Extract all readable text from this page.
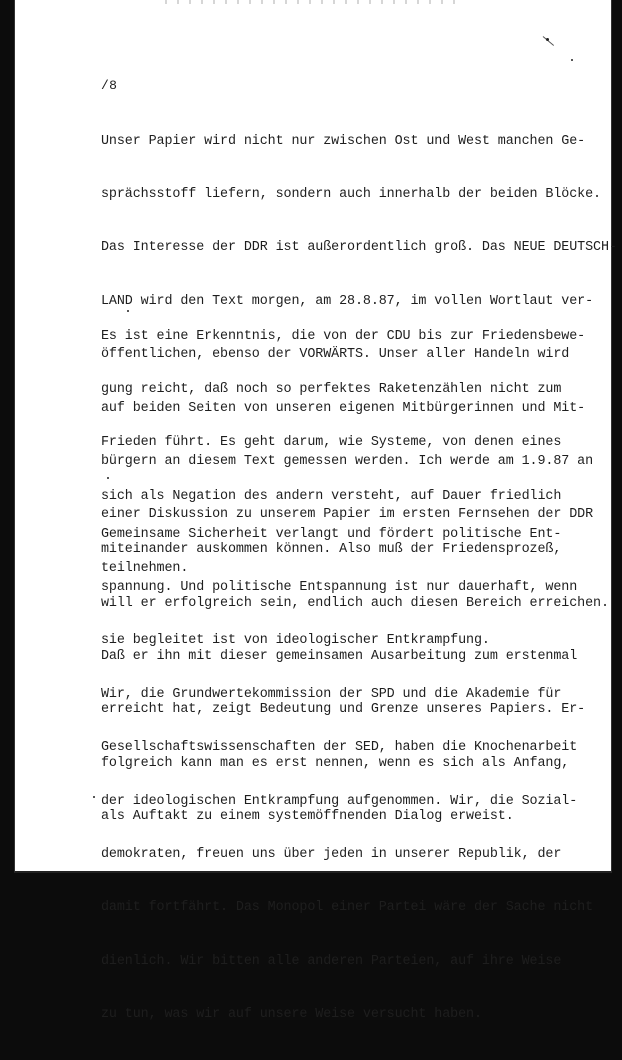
/8

Unser Papier wird nicht nur zwischen Ost und West manchen Ge-

sprächsstoff liefern, sondern auch innerhalb der beiden Blöcke.

Das Interesse der DDR ist außerordentlich groß. Das NEUE DEUTSCH-

LAND wird den Text morgen, am 28.8.87, im vollen Wortlaut ver-

öffentlichen, ebenso der VORWÄRTS. Unser aller Handeln wird

auf beiden Seiten von unseren eigenen Mitbürgerinnen und Mit-

bürgern an diesem Text gemessen werden. Ich werde am 1.9.87 an

einer Diskussion zu unserem Papier im ersten Fernsehen der DDR

teilnehmen.

Es ist eine Erkenntnis, die von der CDU bis zur Friedensbewe-

gung reicht, daß noch so perfektes Raketenzählen nicht zum

Frieden führt. Es geht darum, wie Systeme, von denen eines

sich als Negation des andern versteht, auf Dauer friedlich

miteinander auskommen können. Also muß der Friedensprozeß,

will er erfolgreich sein, endlich auch diesen Bereich erreichen.

Daß er ihn mit dieser gemeinsamen Ausarbeitung zum erstenmal

erreicht hat, zeigt Bedeutung und Grenze unseres Papiers. Er-

folgreich kann man es erst nennen, wenn es sich als Anfang,

als Auftakt zu einem systemöffnenden Dialog erweist.

Gemeinsame Sicherheit verlangt und fördert politische Ent-

spannung. Und politische Entspannung ist nur dauerhaft, wenn

sie begleitet ist von ideologischer Entkrampfung.

Wir, die Grundwertekommission der SPD und die Akademie für

Gesellschaftswissenschaften der SED, haben die Knochenarbeit

der ideologischen Entkrampfung aufgenommen. Wir, die Sozial-

demokraten, freuen uns über jeden in unserer Republik, der

damit fortfährt. Das Monopol einer Partei wäre der Sache nicht

dienlich. Wir bitten alle anderen Parteien, auf ihre Weise

zu tun, was wir auf unsere Weise versucht haben.
